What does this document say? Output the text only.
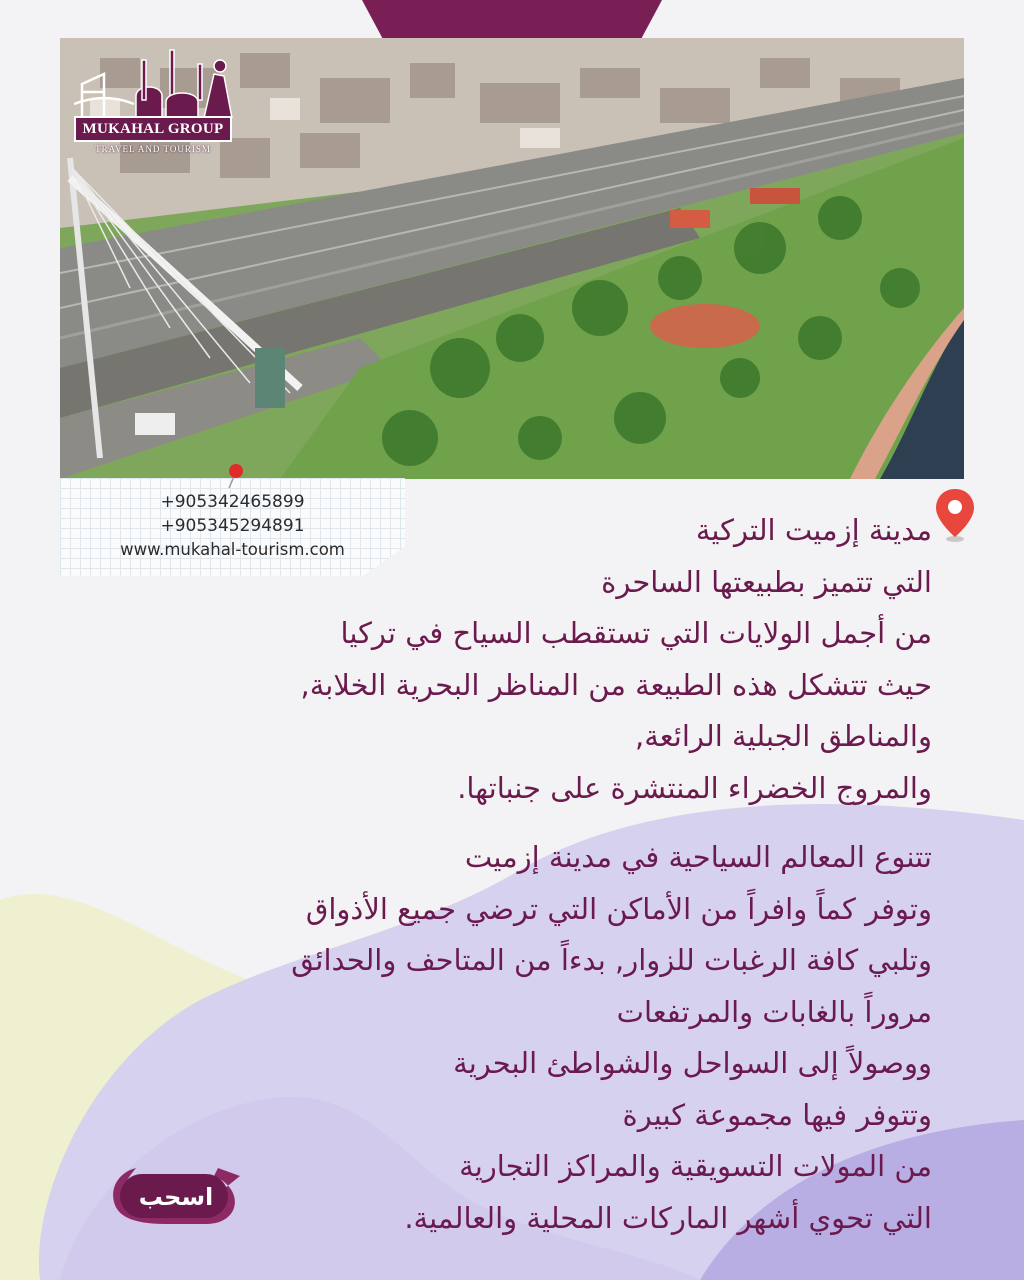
MUKAHAL GROUP
TRAVEL AND TOURISM
+905342465899
+905345294891
www.mukahal-tourism.com
مدينة إزميت التركية
التي تتميز بطبيعتها الساحرة
من أجمل الولايات التي تستقطب السياح في تركيا
حيث تتشكل هذه الطبيعة من المناظر البحرية الخلابة,
والمناطق الجبلية الرائعة,
والمروج الخضراء المنتشرة على جنباتها.
تتنوع المعالم السياحية في مدينة إزميت
وتوفر كماً وافراً من الأماكن التي ترضي جميع الأذواق
وتلبي كافة الرغبات للزوار, بدءاً من المتاحف والحدائق
مروراً بالغابات والمرتفعات
ووصولاً إلى السواحل والشواطئ البحرية
وتتوفر فيها مجموعة كبيرة
من المولات التسويقية والمراكز التجارية
التي تحوي أشهر الماركات المحلية والعالمية.
اسحب
